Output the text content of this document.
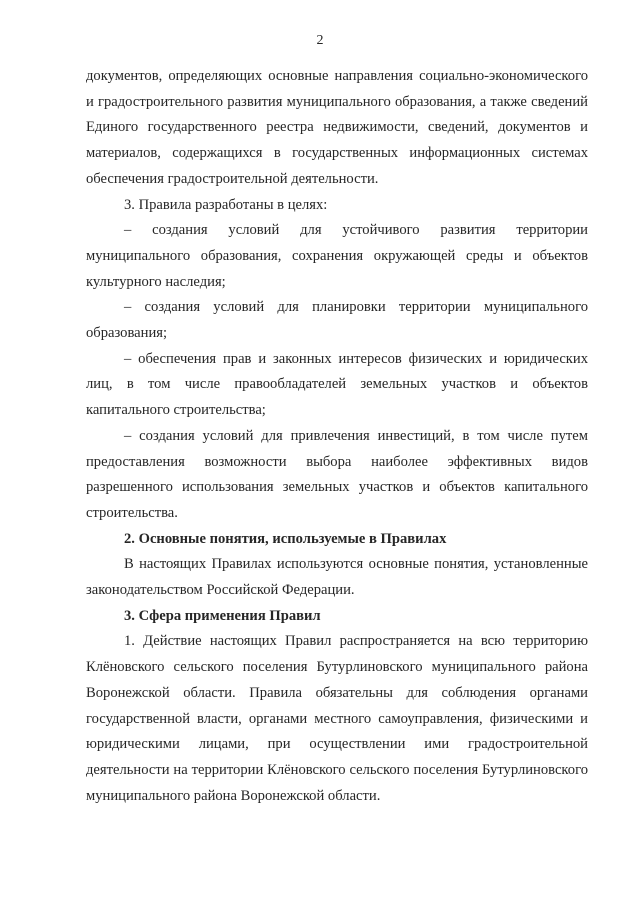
2

документов, определяющих основные направления социально-экономического и градостроительного развития муниципального образования, а также сведений Единого государственного реестра недвижимости, сведений, документов и материалов, содержащихся в государственных информационных системах обеспечения градостроительной деятельности.

3. Правила разработаны в целях:

– создания условий для устойчивого развития территории муниципального образования, сохранения окружающей среды и объектов культурного наследия;

– создания условий для планировки территории муниципального образования;

– обеспечения прав и законных интересов физических и юридических лиц, в том числе правообладателей земельных участков и объектов капитального строительства;

– создания условий для привлечения инвестиций, в том числе путем предоставления возможности выбора наиболее эффективных видов разрешенного использования земельных участков и объектов капитального строительства.

2. Основные понятия, используемые в Правилах

В настоящих Правилах используются основные понятия, установленные законодательством Российской Федерации.

3. Сфера применения Правил

1. Действие настоящих Правил распространяется на всю территорию Клёновского сельского поселения Бутурлиновского муниципального района Воронежской области. Правила обязательны для соблюдения органами государственной власти, органами местного самоуправления, физическими и юридическими лицами, при осуществлении ими градостроительной деятельности на территории Клёновского сельского поселения Бутурлиновского муниципального района Воронежской области.
